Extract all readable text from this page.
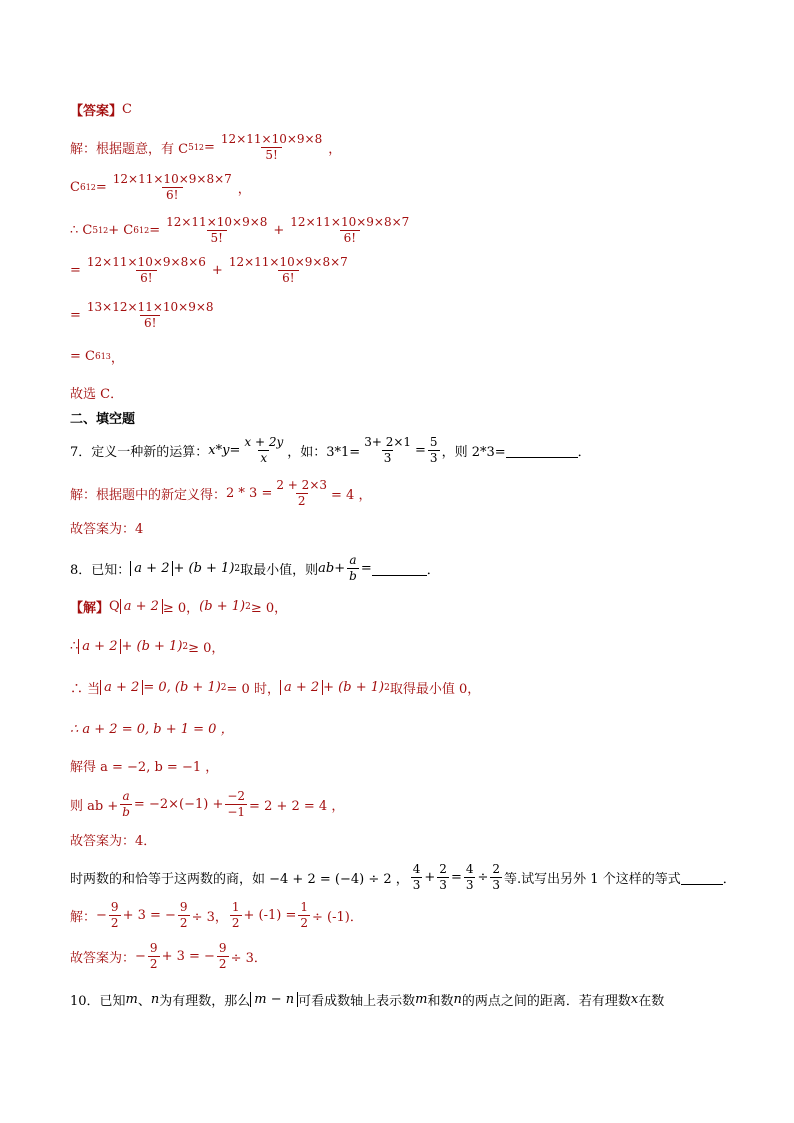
【答案】 C
解：根据题意，有 C 5 $12 = \frac{12\times 11\times 10\times 9\times 8}{5!}$ ，
C 6 $12 = \frac{12\times 11\times 10\times 9\times 8\times 7}{6!}$ ，
∴ C 5 12 + C 6 $12 = \frac{12\times 11\times 10\times 9\times 8}{5!} + \frac{12\times 11\times 10\times 9\times 8\times 7}{6!}$
= $\frac{12\times 11\times 10\times 9\times 8\times 6}{6!} + \frac{12\times 11\times 10\times 9\times 8\times 7}{6!}$
= $\frac{13\times 12\times 11\times 10\times 9\times 8}{6!}$
= C 6 13 ，
故选 C．
二、填空题
7．定义一种新的运算： $x*y = \frac{x + 2y}{x}$ ，如：$3*1= \frac{3+ 2\times 1}{3} = \frac{5}{3}$ ，则 2*3=	．
解：根据题中的新定义得： $2 * 3 = \frac{2 + 2\times 3}{2} = 4$ ，
故答案为：4
8．已知： a + 2 + (b + 1) 2 取最小值，则 ab + $\frac{a}{b}$ =	．
【解】 Q a + 2 ≥ 0， (b + 1) 2 ≥ 0，
∴ a + 2 + (b + 1) 2 ≥ 0，
∴ 当 a + 2 = 0, (b + 1) 2 = 0 时， a + 2 + (b + 1) 2 取得最小值 0，
∴ a + 2 = 0, b + 1 = 0 ，
解得 a = −2, b = −1 ，
则 ab + $\frac{a}{b} = -2\times(-1) + \frac{-2}{-1} = 2 + 2 = 4$ ，
故答案为：4．
时两数的和恰等于这两数的商，如 −4 + 2 = (−4) ÷ 2 ， $\frac{4}{3} + \frac{2}{3} = \frac{4}{3} \div \frac{2}{3}$ 等.试写出另外 1 个这样的等式	．
解： − $\frac{9}{2} + 3$ = − $\frac{9}{2} \div 3$， $\frac{1}{2} + (-1) = \frac{1}{2} \div (-1)$．
故答案为： − $\frac{9}{2} + 3$ = − $\frac{9}{2} \div 3$．
10．已知 m 、 n 为有理数，那么 m − n 可看成数轴上表示数 m 和数 n 的两点之间的距离．若有理数 x 在数
